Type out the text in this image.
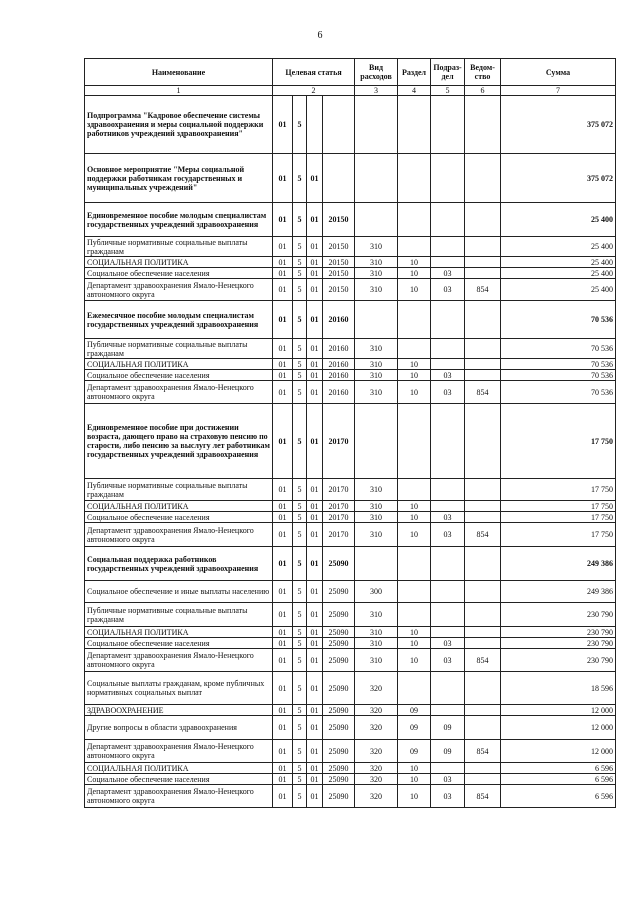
6
Наименование	Целевая статья				Вид расходов	Раздел	Подраз-дел	Ведом-ство	Сумма
1	2				3	4	5	6	7
Подпрограмма "Кадровое обеспечение системы здравоохранения и меры социальной поддержки работников учреждений здравоохранения"	01	5							375 072
Основное мероприятие "Меры социальной поддержки работникам государственных и муниципальных учреждений"	01	5	01						375 072
Единовременное пособие молодым специалистам государственных учреждений здравоохранения	01	5	01	20150					25 400
Публичные нормативные социальные выплаты гражданам	01	5	01	20150	310				25 400
СОЦИАЛЬНАЯ ПОЛИТИКА	01	5	01	20150	310	10			25 400
Социальное обеспечение населения	01	5	01	20150	310	10	03		25 400
Департамент здравоохранения Ямало-Ненецкого автономного округа	01	5	01	20150	310	10	03	854	25 400
Ежемесячное пособие молодым специалистам государственных учреждений здравоохранения	01	5	01	20160					70 536
Публичные нормативные социальные выплаты гражданам	01	5	01	20160	310				70 536
СОЦИАЛЬНАЯ ПОЛИТИКА	01	5	01	20160	310	10			70 536
Социальное обеспечение населения	01	5	01	20160	310	10	03		70 536
Департамент здравоохранения Ямало-Ненецкого автономного округа	01	5	01	20160	310	10	03	854	70 536
Единовременное пособие при достижении возраста, дающего право на страховую пенсию по старости, либо пенсию за выслугу лет работникам государственных учреждений здравоохранения	01	5	01	20170					17 750
Публичные нормативные социальные выплаты гражданам	01	5	01	20170	310				17 750
СОЦИАЛЬНАЯ ПОЛИТИКА	01	5	01	20170	310	10			17 750
Социальное обеспечение населения	01	5	01	20170	310	10	03		17 750
Департамент здравоохранения Ямало-Ненецкого автономного округа	01	5	01	20170	310	10	03	854	17 750
Социальная поддержка работников государственных учреждений здравоохранения	01	5	01	25090					249 386
Социальное обеспечение и иные выплаты населению	01	5	01	25090	300				249 386
Публичные нормативные социальные выплаты гражданам	01	5	01	25090	310				230 790
СОЦИАЛЬНАЯ ПОЛИТИКА	01	5	01	25090	310	10			230 790
Социальное обеспечение населения	01	5	01	25090	310	10	03		230 790
Департамент здравоохранения Ямало-Ненецкого автономного округа	01	5	01	25090	310	10	03	854	230 790
Социальные выплаты гражданам, кроме публичных нормативных социальных выплат	01	5	01	25090	320				18 596
ЗДРАВООХРАНЕНИЕ	01	5	01	25090	320	09			12 000
Другие вопросы в области здравоохранения	01	5	01	25090	320	09	09		12 000
Департамент здравоохранения Ямало-Ненецкого автономного округа	01	5	01	25090	320	09	09	854	12 000
СОЦИАЛЬНАЯ ПОЛИТИКА	01	5	01	25090	320	10			6 596
Социальное обеспечение населения	01	5	01	25090	320	10	03		6 596
Департамент здравоохранения Ямало-Ненецкого автономного округа	01	5	01	25090	320	10	03	854	6 596
